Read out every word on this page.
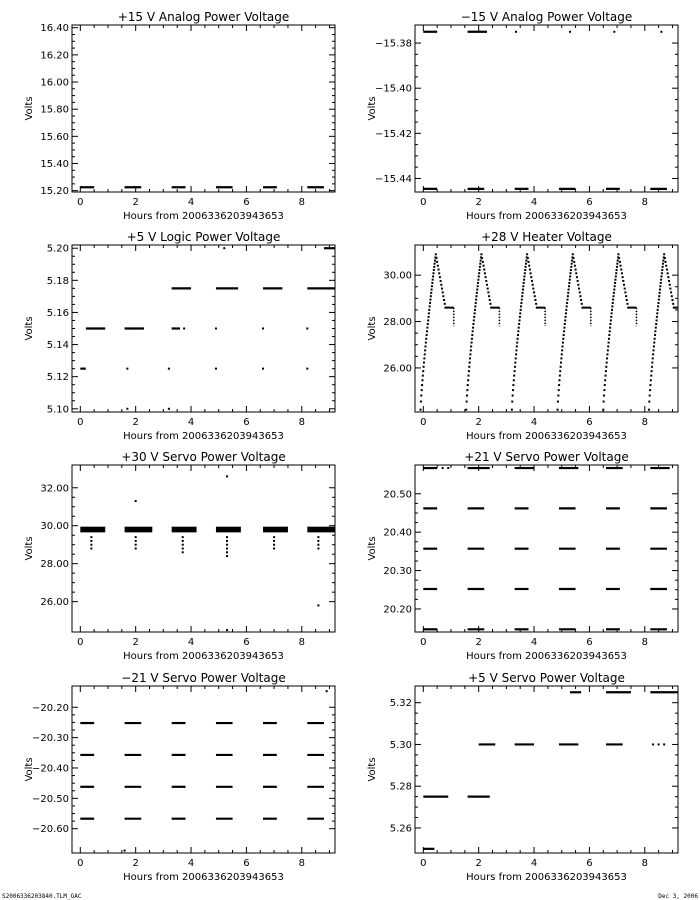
+15 V Analog Power Voltage
0	2	4	6	8
15.20
15.40
15.60
15.80
16.00
16.20
16.40
Volts
Hours from 2006336203943653
−15 V Analog Power Voltage
0	2	4	6	8
−15.44
−15.42
−15.40
−15.38
Volts
Hours from 2006336203943653
+5 V Logic Power Voltage
0	2	4	6	8
5.10
5.12
5.14
5.16
5.18
5.20
Volts
Hours from 2006336203943653
+28 V Heater Voltage
0	2	4	6	8
26.00
28.00
30.00
Volts
Hours from 2006336203943653
+30 V Servo Power Voltage
0	2	4	6	8
26.00
28.00
30.00
32.00
Volts
Hours from 2006336203943653
+21 V Servo Power Voltage
0	2	4	6	8
20.20
20.30
20.40
20.50
Volts
Hours from 2006336203943653
−21 V Servo Power Voltage
0	2	4	6	8
−20.60
−20.50
−20.40
−20.30
−20.20
Volts
Hours from 2006336203943653
+5 V Servo Power Voltage
0	2	4	6	8
5.26
5.28
5.30
5.32
Volts
Hours from 2006336203943653
S2006336203840.TLM_GAC	Dec 3, 2006
